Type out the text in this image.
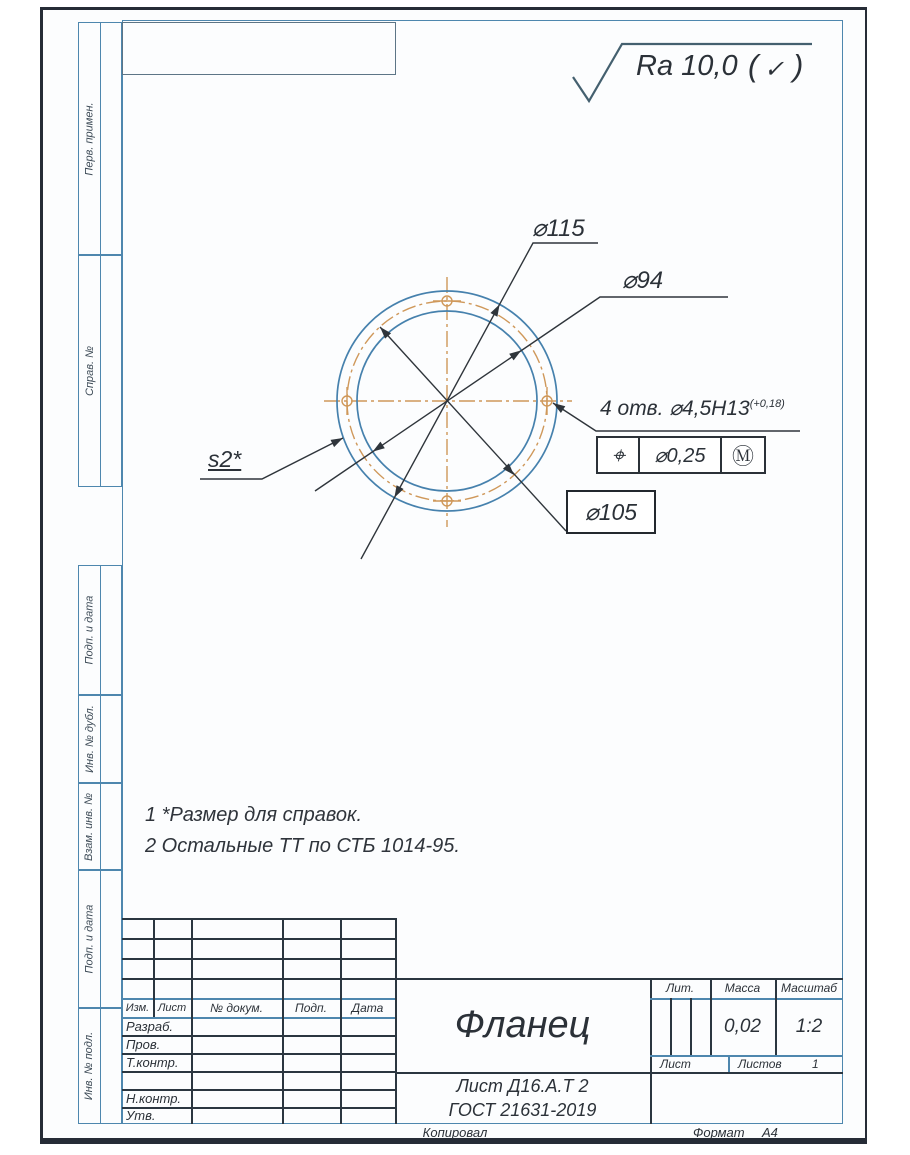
Перв. примен.
Справ. №
Подп. и дата
Инв. № дубл.
Взам. инв. №
Подп. и дата
Инв. № подл.
Ra 10,0 ( ✓ )
⌀115
⌀94
4 отв. $⌀4,5H13^{(+0,18)}$
s2*	⌖	⌀0,25	Ⓜ
⌀105
1 *Размер для справок.
2 Остальные ТТ по СТБ 1014-95.
Изм. Лист	№ докум.	Подп.	Дата
Разраб.
Пров.
Т.контр.
Н.контр.
Утв.
Фланец
Лист Д16.А.Т 2
ГОСТ 21631-2019
Лит.	Масса	Масштаб
0,02	1:2
Лист	Листов	1
Копировал	Формат	А4
